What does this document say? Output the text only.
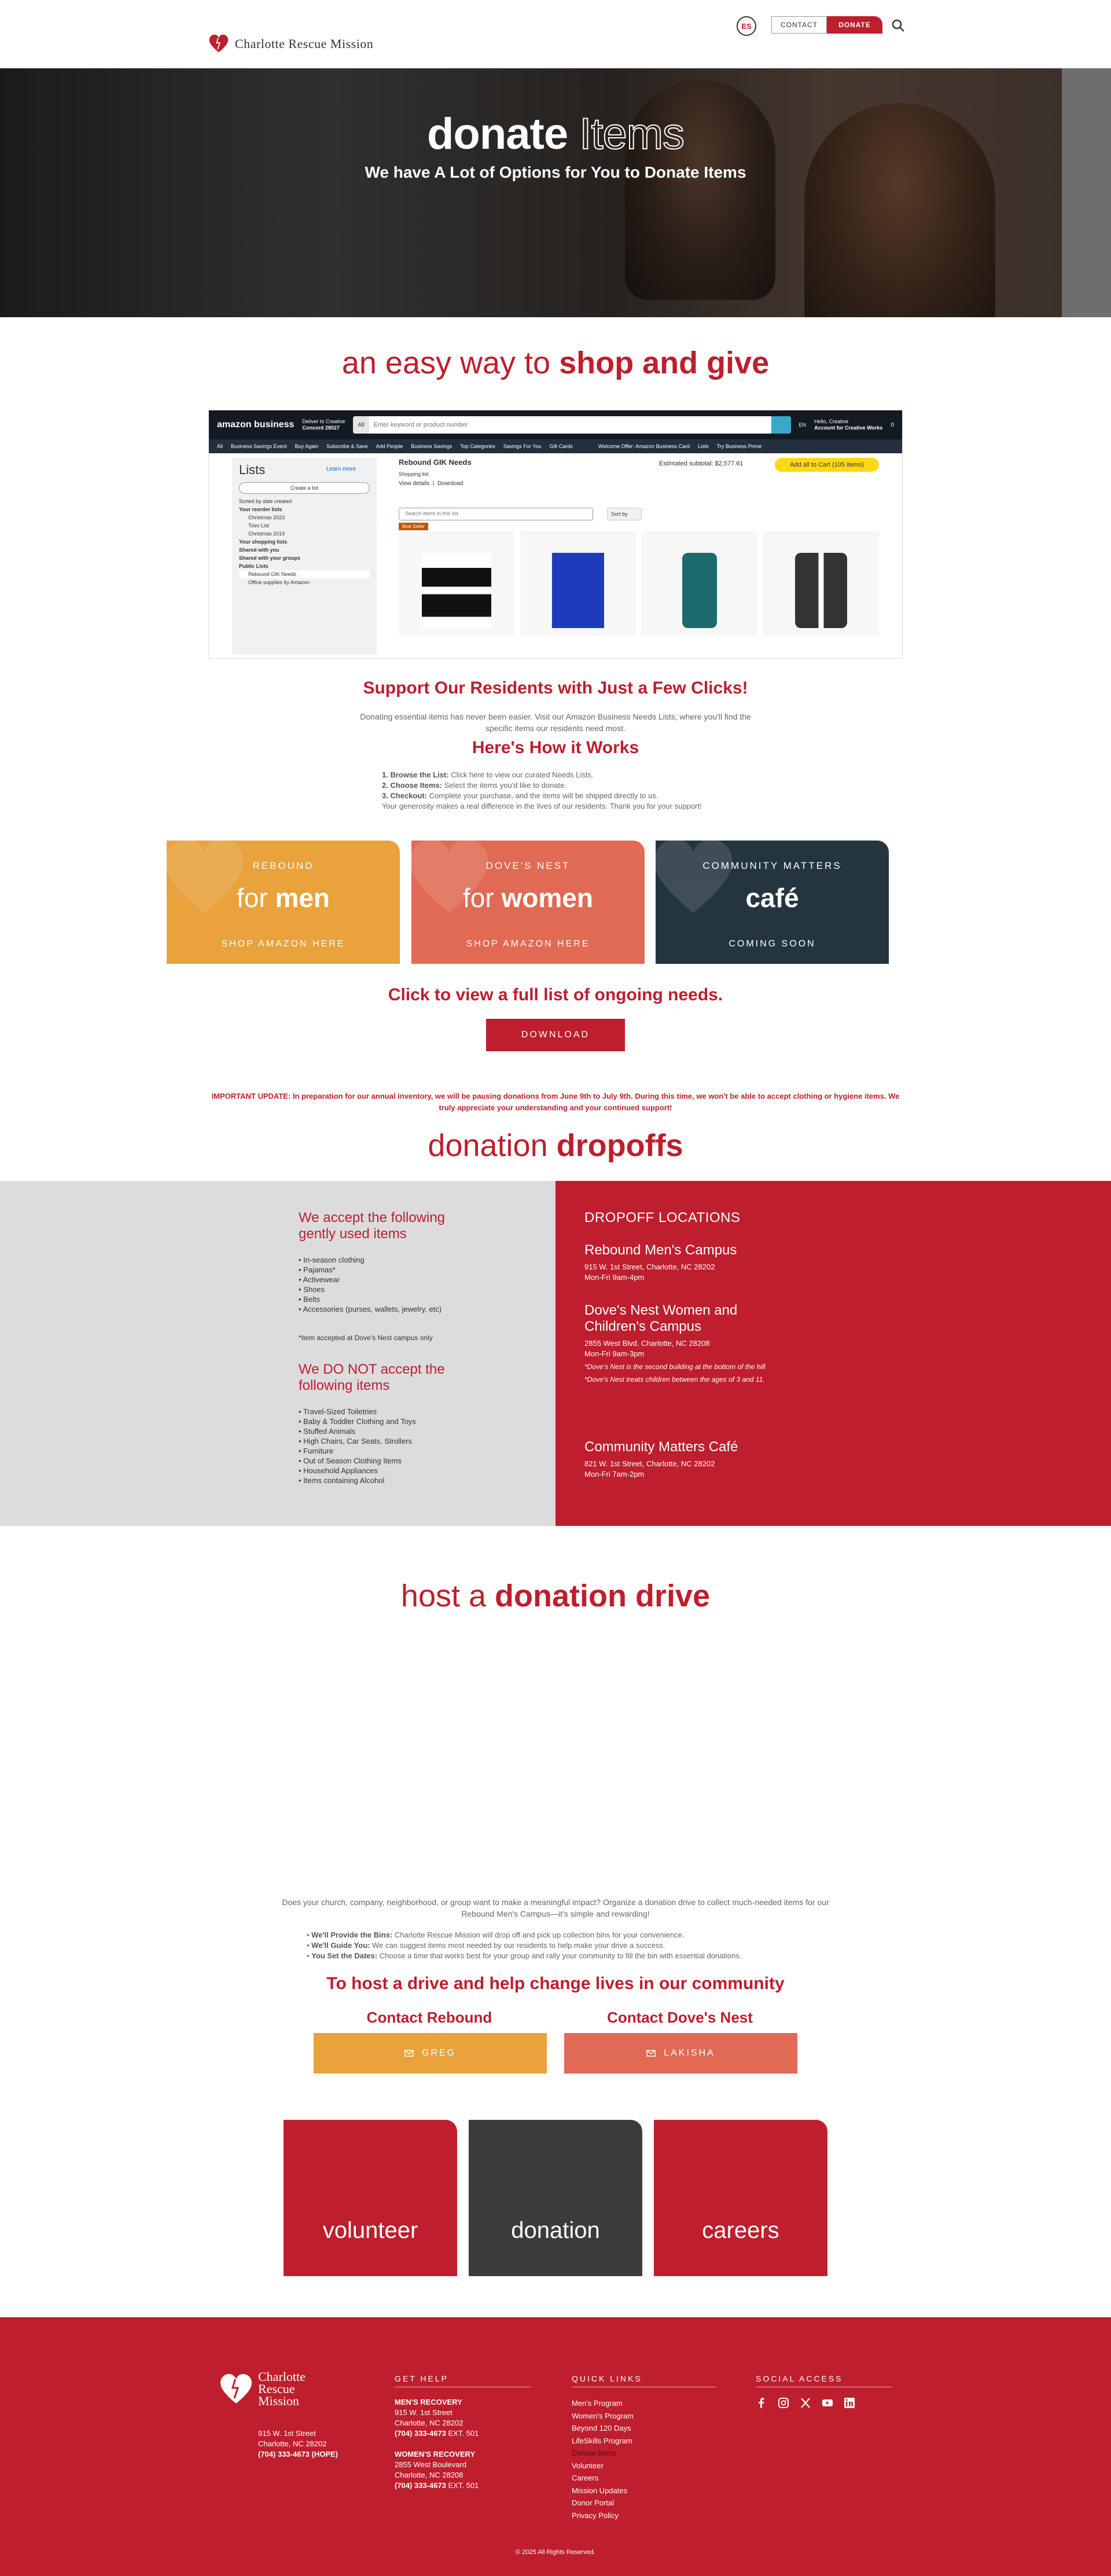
Charlotte Rescue Mission
ES	CONTACT	DONATE
donate Items
We have A Lot of Options for You to Donate Items
an easy way to shop and give
amazon business Deliver to Creative
Concord 28027	All	Enter keyword or product number	EN
Hello, Creative
Account for Creative Works 0
All Business Savings Event Buy Again Subscribe & Save Add People Business Savings Top Categories Savings For You Gift Cards	Welcome Offer: Amazon Business Card Lists Try Business Prime
Lists	Learn more
Create a list
Sorted by date created
Your reorder lists
Christmas 2023
Tires List
Christmas 2019
Your shopping lists
Shared with you
Shared with your groups
Public Lists
Rebound GIK Needs
Office supplies by Amazon
Rebound GIK Needs
Shopping list
View details  |  Download
Estimated subtotal: $2,577.61	Add all to Cart (105 items)
Search items in this list	Sort by
Best Seller
Support Our Residents with Just a Few Clicks!
Donating essential items has never been easier. Visit our Amazon Business Needs Lists, where you'll find the specific items our residents need most.
Here's How it Works
1. Browse the List: Click here to view our curated Needs Lists.
2. Choose Items: Select the items you'd like to donate.
3. Checkout: Complete your purchase, and the items will be shipped directly to us.
Your generosity makes a real difference in the lives of our residents. Thank you for your support!
REBOUND
for men
SHOP AMAZON HERE
DOVE'S NEST
for women
SHOP AMAZON HERE
COMMUNITY MATTERS
café
COMING SOON
Click to view a full list of ongoing needs.
DOWNLOAD
IMPORTANT UPDATE: In preparation for our annual inventory, we will be pausing donations from June 9th to July 9th. During this time, we won't be able to accept clothing or hygiene items. We truly appreciate your understanding and your continued support!
donation dropoffs
We accept the following gently used items
• In-season clothing
• Pajamas*
• Activewear
• Shoes
• Belts
• Accessories (purses, wallets, jewelry, etc)
*Item accepted at Dove's Nest campus only
We DO NOT accept the following items
• Travel-Sized Toiletries
• Baby & Toddler Clothing and Toys
• Stuffed Animals
• High Chairs, Car Seats, Strollers
• Furniture
• Out of Season Clothing Items
• Household Appliances
• Items containing Alcohol
DROPOFF LOCATIONS
Rebound Men's Campus
915 W. 1st Street, Charlotte, NC 28202
Mon-Fri 9am-4pm
Dove's Nest Women and Children's Campus
2855 West Blvd. Charlotte, NC 28208
Mon-Fri 9am-3pm
*Dove's Nest is the second building at the bottom of the hill
*Dove's Nest treats children between the ages of 3 and 11.
Community Matters Café
821 W. 1st Street, Charlotte, NC 28202
Mon-Fri 7am-2pm
host a donation drive
Does your church, company, neighborhood, or group want to make a meaningful impact? Organize a donation drive to collect much-needed items for our Rebound Men's Campus—it's simple and rewarding!
• We'll Provide the Bins: Charlotte Rescue Mission will drop off and pick up collection bins for your convenience.
• We'll Guide You: We can suggest items most needed by our residents to help make your drive a success.
• You Set the Dates: Choose a time that works best for your group and rally your community to fill the bin with essential donations.
To host a drive and help change lives in our community
Contact Rebound	Contact Dove's Nest
GREG	LAKISHA
volunteer	donation	careers
Charlotte
Rescue
Mission
915 W. 1st Street
Charlotte, NC 28202
(704) 333-4673 (HOPE)
GET HELP
MEN'S RECOVERY
915 W. 1st Street
Charlotte, NC 28202
(704) 333-4673 EXT. 501
WOMEN'S RECOVERY
2855 West Boulevard
Charlotte, NC 28208
(704) 333-4673 EXT. 501
QUICK LINKS
Men's Program
Women's Program
Beyond 120 Days
LifeSkills Program
Donate Items
Volunteer
Careers
Mission Updates
Donor Portal
Privacy Policy
SOCIAL ACCESS
© 2025 All Rights Reserved.
